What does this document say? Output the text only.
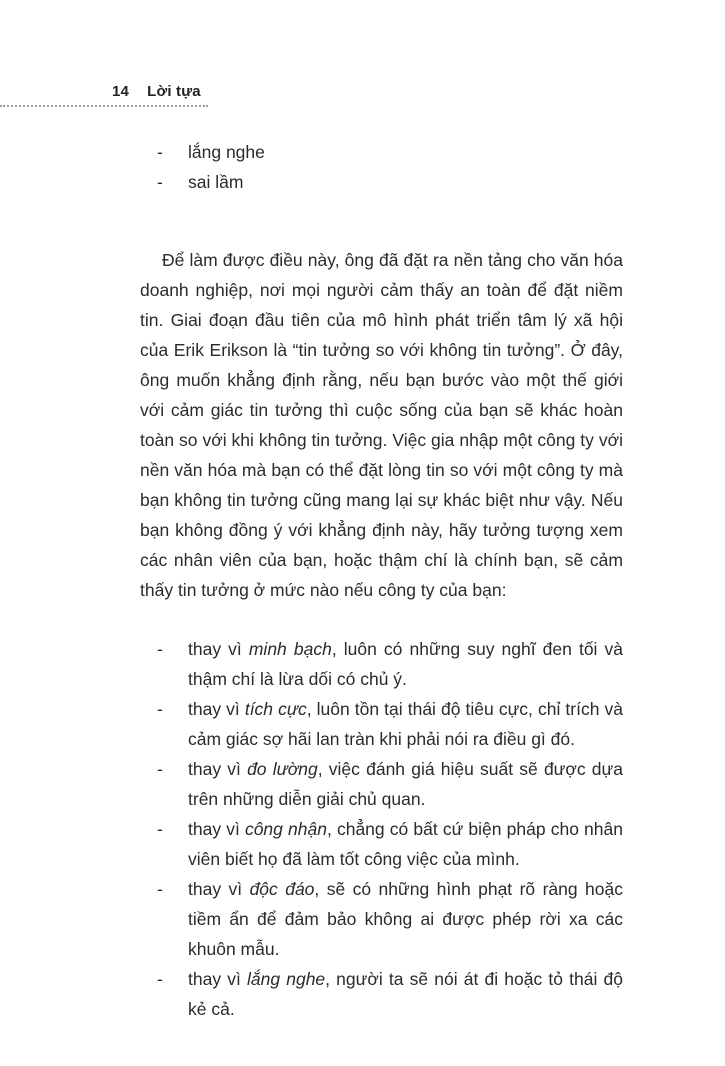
14 Lời tựa
- lắng nghe
- sai lầm

Để làm được điều này, ông đã đặt ra nền tảng cho văn hóa doanh nghiệp, nơi mọi người cảm thấy an toàn để đặt niềm tin. Giai đoạn đầu tiên của mô hình phát triển tâm lý xã hội của Erik Erikson là “tin tưởng so với không tin tưởng”. Ở đây, ông muốn khẳng định rằng, nếu bạn bước vào một thế giới với cảm giác tin tưởng thì cuộc sống của bạn sẽ khác hoàn toàn so với khi không tin tưởng. Việc gia nhập một công ty với nền văn hóa mà bạn có thể đặt lòng tin so với một công ty mà bạn không tin tưởng cũng mang lại sự khác biệt như vậy. Nếu bạn không đồng ý với khẳng định này, hãy tưởng tượng xem các nhân viên của bạn, hoặc thậm chí là chính bạn, sẽ cảm thấy tin tưởng ở mức nào nếu công ty của bạn:

- thay vì minh bạch, luôn có những suy nghĩ đen tối và thậm chí là lừa dối có chủ ý.
- thay vì tích cực, luôn tồn tại thái độ tiêu cực, chỉ trích và cảm giác sợ hãi lan tràn khi phải nói ra điều gì đó.
- thay vì đo lường, việc đánh giá hiệu suất sẽ được dựa trên những diễn giải chủ quan.
- thay vì công nhận, chẳng có bất cứ biện pháp cho nhân viên biết họ đã làm tốt công việc của mình.
- thay vì độc đáo, sẽ có những hình phạt rõ ràng hoặc tiềm ẩn để đảm bảo không ai được phép rời xa các khuôn mẫu.
- thay vì lắng nghe, người ta sẽ nói át đi hoặc tỏ thái độ kẻ cả.
